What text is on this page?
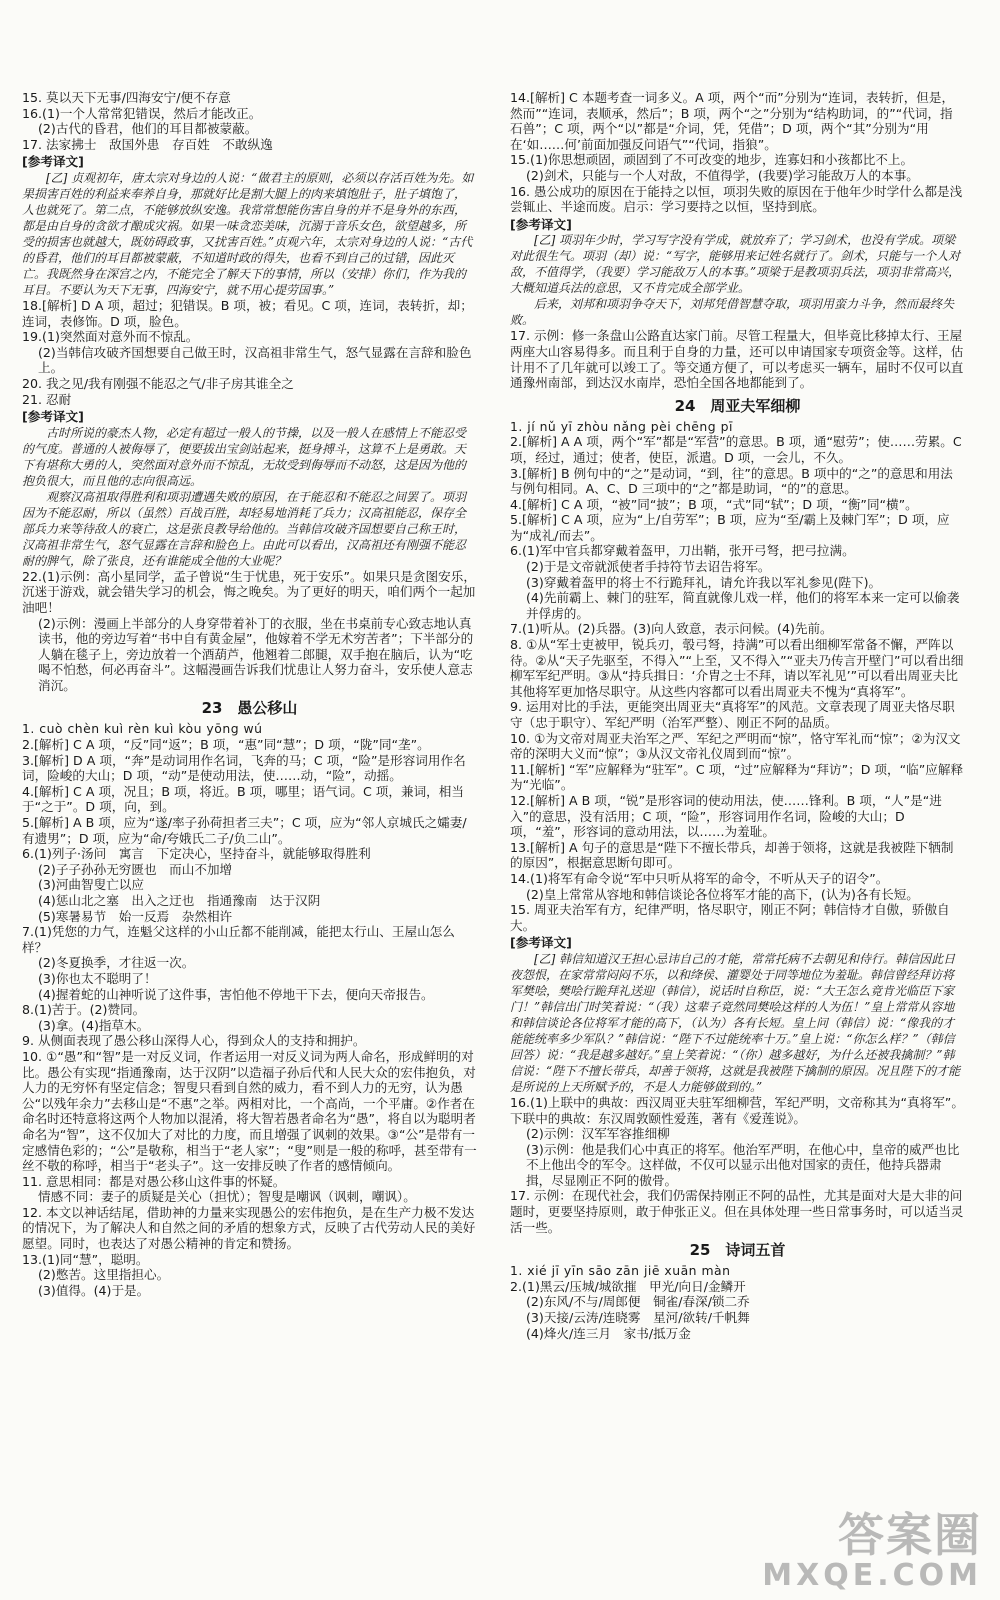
15. 莫以天下无事/四海安宁/便不存意
16.(1)一个人常常犯错误，然后才能改正。
(2)古代的昏君，他们的耳目都被蒙蔽。
17. 法家拂士　敌国外患　存百姓　不敢纵逸
[参考译文]
[乙] 贞观初年，唐太宗对身边的人说：“做君主的原则，必须以存活百姓为先。如果损害百姓的利益来奉养自身，那就好比是割大腿上的肉来填饱肚子，肚子填饱了，人也就死了。第二点，不能够放纵安逸。我常常想能伤害自身的并不是身外的东西，都是由自身的贪欲才酿成灾祸。如果一味贪恋美味，沉溺于音乐女色，欲望越多，所受的损害也就越大，既妨碍政事，又扰害百姓。”贞观六年，太宗对身边的人说：“古代的昏君，他们的耳目都被蒙蔽，不知道时政的得失，也看不到自己的过错，因此灭亡。我既然身在深宫之内，不能完全了解天下的事情，所以（安排）你们，作为我的耳目。不要认为天下无事，四海安宁，就不用心提劳国事。”
18.[解析] D A 项，超过；犯错误。B 项，被；看见。C 项，连词，表转折，却；连词，表修饰。D 项，脸色。
19.(1)突然面对意外而不惊乱。
(2)当韩信攻破齐国想要自己做王时，汉高祖非常生气，怒气显露在言辞和脸色上。
20. 我之见/我有刚强不能忍之气/非子房其谁全之
21. 忍耐
[参考译文]
古时所说的豪杰人物，必定有超过一般人的节操，以及一般人在感情上不能忍受的气度。普通的人被侮辱了，便要拔出宝剑站起来，挺身搏斗，这算不上是勇敢。天下有堪称大勇的人，突然面对意外而不惊乱，无故受到侮辱而不动怒，这是因为他的抱负很大，而且他的志向很高远。
观察汉高祖取得胜利和项羽遭遇失败的原因，在于能忍和不能忍之间罢了。项羽因为不能忍耐，所以（虽然）百战百胜，却轻易地消耗了兵力；汉高祖能忍，保存全部兵力来等待敌人的衰亡，这是张良教导给他的。当韩信攻破齐国想要自己称王时，汉高祖非常生气，怒气显露在言辞和脸色上。由此可以看出，汉高祖还有刚强不能忍耐的脾气，除了张良，还有谁能成全他的大业呢？
22.(1)示例：高小星同学，孟子曾说“生于忧患，死于安乐”。如果只是贪图安乐，沉迷于游戏，就会错失学习的机会，悔之晚矣。为了更好的明天，咱们两个一起加油吧！
(2)示例：漫画上半部分的人身穿带着补丁的衣服，坐在书桌前专心致志地认真读书，他的旁边写着“书中自有黄金屋”，他嫁着不学无术穷苦者”；下半部分的人躺在毯子上，旁边放着一个酒葫芦，他翘着二郎腿，双手抱在脑后，认为“吃喝不怕愁，何必再奋斗”。这幅漫画告诉我们忧患让人努力奋斗，安乐使人意志消沉。
23　愚公移山
1. cuò chèn kuì rèn kuì kòu yōng wú
2.[解析] C A 项，“反”同“返”；B 项，“惠”同“慧”；D 项，“陇”同“垄”。
3.[解析] D A 项，“奔”是动词用作名词，飞奔的马；C 项，“险”是形容词用作名词，险峻的大山；D 项，“动”是使动用法，使……动，“险”，动摇。
4.[解析] C A 项，况且；B 项，将近。B 项，哪里；语气词。C 项，兼词，相当于“之于”。D 项，向，到。
5.[解析] A B 项，应为“遂/率子孙荷担者三夫”；C 项，应为“邻人京城氏之孀妻/有遗男”；D 项，应为“命/夸娥氏二子/负二山”。
6.(1)列子·汤问　寓言　下定决心，坚持奋斗，就能够取得胜利
(2)子子孙孙无穷匮也　而山不加增
(3)河曲智叟亡以应
(4)惩山北之塞　出入之迂也　指通豫南　达于汉阴
(5)寒暑易节　始一反焉　杂然相许
7.(1)凭您的力气，连魁父这样的小山丘都不能削减，能把太行山、王屋山怎么样？
(2)冬夏换季，才往返一次。
(3)你也太不聪明了！
(4)握着蛇的山神听说了这件事，害怕他不停地干下去，便向天帝报告。
8.(1)苦于。(2)赞同。
(3)拿。(4)指草木。
9. 从侧面表现了愚公移山深得人心，得到众人的支持和拥护。
10. ①“愚”和“智”是一对反义词，作者运用一对反义词为两人命名，形成鲜明的对比。愚公有实现“指通豫南，达于汉阴”以造福子孙后代和人民大众的宏伟抱负，对人力的无穷怀有坚定信念；智叟只看到自然的威力，看不到人力的无穷，认为愚公“以残年余力”去移山是“不惠”之举。两相对比，一个高尚，一个平庸。②作者在命名时还特意将这两个人物加以混淆，将大智若愚者命名为“愚”，将自以为聪明者命名为“智”，这不仅加大了对比的力度，而且增强了讽刺的效果。③“公”是带有一定感情色彩的；“公”是敬称，相当于“老人家”；“叟”则是一般的称呼，甚至带有一丝不敬的称呼，相当于“老头子”。这一安排反映了作者的感情倾向。
11. 意思相同：都是对愚公移山这件事的怀疑。
情感不同：妻子的质疑是关心（担忧）；智叟是嘲讽（讽刺，嘲讽）。
12. 本文以神话结尾，借助神的力量来实现愚公的宏伟抱负，是在生产力极不发达的情况下，为了解决人和自然之间的矛盾的想象方式，反映了古代劳动人民的美好愿望。同时，也表达了对愚公精神的肯定和赞扬。
13.(1)同“慧”，聪明。
(2)憋苦。这里指担心。
(3)值得。(4)于是。
14.[解析] C 本题考查一词多义。A 项，两个“而”分别为“连词，表转折，但是，然而”“连词，表顺承，然后”；B 项，两个“之”分别为“结构助词，的”“代词，指石兽”；C 项，两个“以”都是“介词，凭，凭借”；D 项，两个“其”分别为“用在‘如……何’前面加强反问语气”“代词，指狼”。
15.(1)你思想顽固，顽固到了不可改变的地步，连寡妇和小孩都比不上。
(2)剑术，只能与一个人对敌，不值得学，(我要)学习能敌万人的本事。
16. 愚公成功的原因在于能持之以恒，项羽失败的原因在于他年少时学什么都是浅尝辄止、半途而废。启示：学习要持之以恒，坚持到底。
[参考译文]
[乙] 项羽年少时，学习写字没有学成，就放弃了；学习剑术，也没有学成。项梁对此很生气。项羽（却）说：“写字，能够用来记姓名就行了。剑术，只能与一个人对敌，不值得学，（我要）学习能敌万人的本事。”项梁于是教项羽兵法，项羽非常高兴，大概知道兵法的意思，又不肯完成全部学业。
后来，刘邦和项羽争夺天下，刘邦凭借智慧夺取，项羽用蛮力斗争，然而最终失败。
17. 示例：修一条盘山公路直达家门前。尽管工程量大，但毕竟比移掉太行、王屋两座大山容易得多。而且利于自身的力量，还可以申请国家专项资金等。这样，估计用不了几年就可以竣工了。等交通方便了，可以考虑买一辆车，届时不仅可以直通豫州南部，到达汉水南岸，恐怕全国各地都能到了。
24　周亚夫军细柳
1. jí nǔ yī zhòu nǎng pèi chēng pī
2.[解析] A A 项，两个“军”都是“军营”的意思。B 项，通“慰劳”；使……劳累。C 项，经过，通过；使者，使臣，派遣。D 项，一会儿，不久。
3.[解析] B 例句中的“之”是动词，“到，往”的意思。B 项中的“之”的意思和用法与例句相同。A、C、D 三项中的“之”都是助词，“的”的意思。
4.[解析] C A 项，“被”同“披”；B 项，“式”同“轼”；D 项，“衡”同“横”。
5.[解析] C A 项，应为“上/自劳军”；B 项，应为“至/霸上及棘门军”；D 项，应为“成礼/而去”。
6.(1)军中官兵都穿戴着盔甲，刀出鞘，张开弓弩，把弓拉满。
(2)于是文帝就派使者手持符节去诏告将军。
(3)穿戴着盔甲的将士不行跪拜礼，请允许我以军礼参见(陛下)。
(4)先前霸上、棘门的驻军，简直就像儿戏一样，他们的将军本来一定可以偷袭并俘虏的。
7.(1)听从。(2)兵器。(3)向人致意，表示问候。(4)先前。
8. ①从“军士吏被甲，锐兵刃，彀弓弩，持满”可以看出细柳军常备不懈，严阵以待。②从“天子先驱至，不得入”“上至，又不得入”“亚夫乃传言开壁门”可以看出细柳军军纪严明。③从“持兵揖日：‘介胄之士不拜，请以军礼见’”可以看出周亚夫比其他将军更加恪尽职守。从这些内容都可以看出周亚夫不愧为“真将军”。
9. 运用对比的手法，更能突出周亚夫“真将军”的风范。文章表现了周亚夫恪尽职守（忠于职守）、军纪严明（治军严整）、刚正不阿的品质。
10. ①为文帝对周亚夫治军之严、军纪之严明而“惊”，恪守军礼而“惊”；②为汉文帝的深明大义而“惊”；③从汉文帝礼仪周到而“惊”。
11.[解析] “军”应解释为“驻军”。C 项，“过”应解释为“拜访”；D 项，“临”应解释为“光临”。
12.[解析] A B 项，“锐”是形容词的使动用法，使……锋利。B 项，“人”是“进入”的意思，没有活用；C 项，“险”，形容词用作名词，险峻的大山；D 项，“羞”，形容词的意动用法，以……为羞耻。
13.[解析] A 句子的意思是“陛下不擅长带兵，却善于领将，这就是我被陛下牺制的原因”，根据意思断句即可。
14.(1)将军有命令说“军中只听从将军的命令，不听从天子的诏令”。
(2)皇上常常从容地和韩信谈论各位将军才能的高下，(认为)各有长短。
15. 周亚夫治军有方，纪律严明，恪尽职守，刚正不阿；韩信恃才自傲，骄傲自大。
[参考译文]
[乙] 韩信知道汉王担心忌讳自己的才能，常常托病不去朝见和侍行。韩信因此日夜怨恨，在家常常闷闷不乐，以和绛侯、灌婴处于同等地位为羞耻。韩信曾经拜访将军樊哙，樊哙行跪拜礼送迎（韩信），说话时自称臣，说：“大王怎么竟肯光临臣下家门！”韩信出门时笑着说：“（我）这辈子竟然同樊哙这样的人为伍！”皇上常常从容地和韩信谈论各位将军才能的高下，（认为）各有长短。皇上问（韩信）说：“像我的才能能统率多少军队？”韩信说：“陛下不过能统率十万。”皇上说：“你怎么样？”（韩信回答）说：“我是越多越好。”皇上笑着说：“（你）越多越好，为什么还被我擒制？”韩信说：“陛下不擅长带兵，却善于领将，这就是我被陛下擒制的原因。况且陛下的才能是所说的上天所赋予的，不是人力能够做到的。”
16.(1)上联中的典故：西汉周亚夫驻军细柳营，军纪严明，文帝称其为“真将军”。下联中的典故：东汉周敦颐性爱莲，著有《爱莲说》。
(2)示例：汉军军容推细柳
(3)示例：他是我们心中真正的将军。他治军严明，在他心中，皇帝的威严也比不上他出令的军令。这样做，不仅可以显示出他对国家的责任，他持兵器肃揖，尽显刚正不阿的傲骨。
17. 示例：在现代社会，我们仍需保持刚正不阿的品性，尤其是面对大是大非的问题时，更要坚持原则，敢于伸张正义。但在具体处理一些日常事务时，可以适当灵活一些。
25　诗词五首
1. xié jī yīn sāo zān jiē xuān màn
2.(1)黑云/压城/城欲摧　甲光/向日/金鳞开
(2)东风/不与/周郎便　铜雀/春深/锁二乔
(3)天接/云涛/连晓雾　星河/欲转/千帆舞
(4)烽火/连三月　家书/抵万金
答案圈
MXQE.COM
